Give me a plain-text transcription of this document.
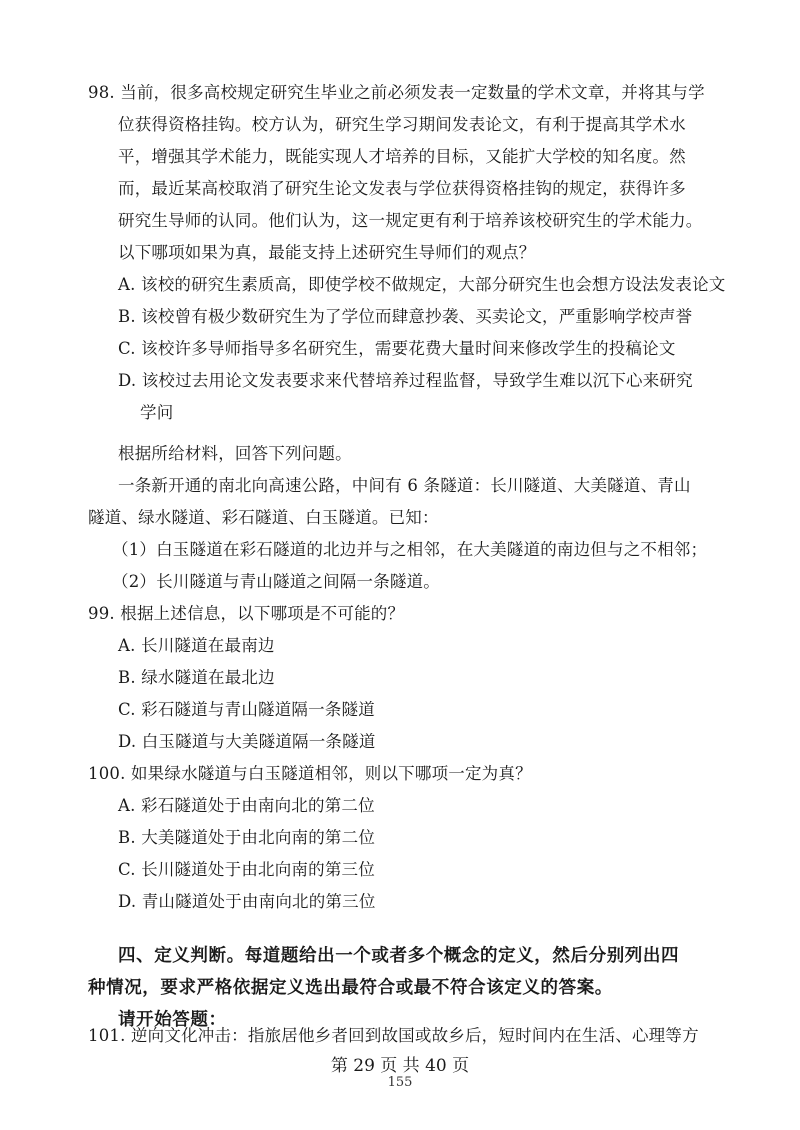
98. 当前，很多高校规定研究生毕业之前必须发表一定数量的学术文章，并将其与学
位获得资格挂钩。校方认为，研究生学习期间发表论文，有利于提高其学术水
平，增强其学术能力，既能实现人才培养的目标，又能扩大学校的知名度。然
而，最近某高校取消了研究生论文发表与学位获得资格挂钩的规定，获得许多
研究生导师的认同。他们认为，这一规定更有利于培养该校研究生的学术能力。
以下哪项如果为真，最能支持上述研究生导师们的观点？
A. 该校的研究生素质高，即使学校不做规定，大部分研究生也会想方设法发表论文
B. 该校曾有极少数研究生为了学位而肆意抄袭、买卖论文，严重影响学校声誉
C. 该校许多导师指导多名研究生，需要花费大量时间来修改学生的投稿论文
D. 该校过去用论文发表要求来代替培养过程监督，导致学生难以沉下心来研究
学问
根据所给材料，回答下列问题。
一条新开通的南北向高速公路，中间有 6 条隧道：长川隧道、大美隧道、青山
隧道、绿水隧道、彩石隧道、白玉隧道。已知：
（1）白玉隧道在彩石隧道的北边并与之相邻，在大美隧道的南边但与之不相邻；
（2）长川隧道与青山隧道之间隔一条隧道。
99. 根据上述信息，以下哪项是不可能的？
A. 长川隧道在最南边
B. 绿水隧道在最北边
C. 彩石隧道与青山隧道隔一条隧道
D. 白玉隧道与大美隧道隔一条隧道
100. 如果绿水隧道与白玉隧道相邻，则以下哪项一定为真？
A. 彩石隧道处于由南向北的第二位
B. 大美隧道处于由北向南的第二位
C. 长川隧道处于由北向南的第三位
D. 青山隧道处于由南向北的第三位
四、定义判断。每道题给出一个或者多个概念的定义，然后分别列出四
种情况，要求严格依据定义选出最符合或最不符合该定义的答案。
请开始答题：
101. 逆向文化冲击：指旅居他乡者回到故国或故乡后，短时间内在生活、心理等方
第 29 页 共 40 页
155
